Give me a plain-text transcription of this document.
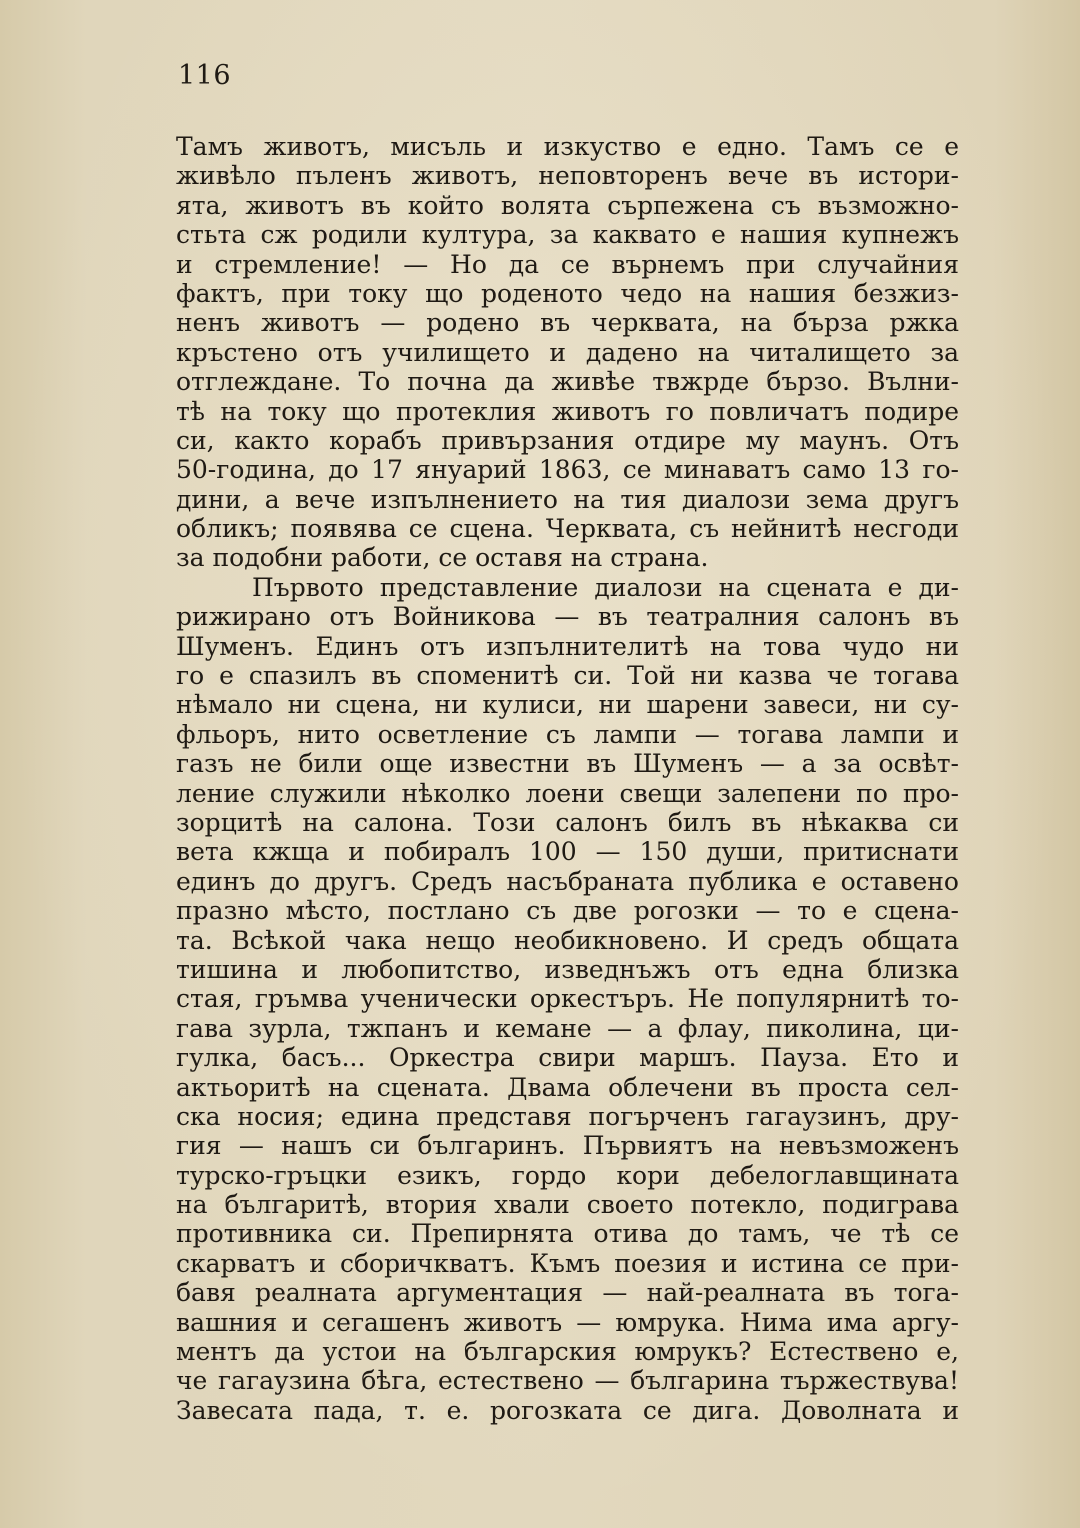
116
Тамъ животъ, мисъль и изкуство е едно. Тамъ се е
живѣло пъленъ животъ, неповторенъ вече въ истори-
ята, животъ въ който волята сърпежена съ възможно-
стьта сж родили култура, за каквато е нашия купнежъ
и стремление! — Но да се върнемъ при случайния
фактъ, при току що роденото чедо на нашия безжиз-
ненъ животъ — родено въ черквата, на бърза ржка
кръстено отъ училището и дадено на читалището за
отглеждане. То почна да живѣе твжрде бързо. Вълни-
тѣ на току що протеклия животъ го повличатъ подире
си, както корабъ привързания отдире му маунъ. Отъ
50-година, до 17 януарий 1863, се минаватъ само 13 го-
дини, а вече изпълнението на тия диалози зема другъ
обликъ; появява се сцена. Черквата, съ нейнитѣ несгоди
за подобни работи, се оставя на страна.
Първото представление диалози на сцената е ди-
рижирано отъ Войникова — въ театралния салонъ въ
Шуменъ. Единъ отъ изпълнителитѣ на това чудо ни
го е спазилъ въ споменитѣ си. Той ни казва че тогава
нѣмало ни сцена, ни кулиси, ни шарени завеси, ни су-
фльоръ, нито осветление съ лампи — тогава лампи и
газъ не били още известни въ Шуменъ — а за освѣт-
ление служили нѣколко лоени свещи залепени по про-
зорцитѣ на салона. Този салонъ билъ въ нѣкаква си
вета кжща и побиралъ 100 — 150 души, притиснати
единъ до другъ. Средъ насъбраната публика е оставено
празно мѣсто, постлано съ две рогозки — то е сцена-
та. Всѣкой чака нещо необикновено. И средъ общата
тишина и любопитство, изведнъжъ отъ една близка
стая, гръмва ученически оркестъръ. Не популярнитѣ то-
гава зурла, тжпанъ и кемане — а флау, пиколина, ци-
гулка, басъ... Оркестра свири маршъ. Пауза. Ето и
актьоритѣ на сцената. Двама облечени въ проста сел-
ска носия; едина представя погърченъ гагаузинъ, дру-
гия — нашъ си българинъ. Първиятъ на невъзможенъ
турско-гръцки езикъ, гордо кори дебелоглавщината
на българитѣ, втория хвали своето потекло, подиграва
противника си. Препирнята отива до тамъ, че тѣ се
скарватъ и сборичкватъ. Къмъ поезия и истина се при-
бавя реалната аргументация — най-реалната въ тога-
вашния и сегашенъ животъ — юмрука. Нима има аргу-
ментъ да устои на българския юмрукъ? Естествено е,
че гагаузина бѣга, естествено — българина тържествува!
Завесата пада, т. е. рогозката се дига. Доволната и
